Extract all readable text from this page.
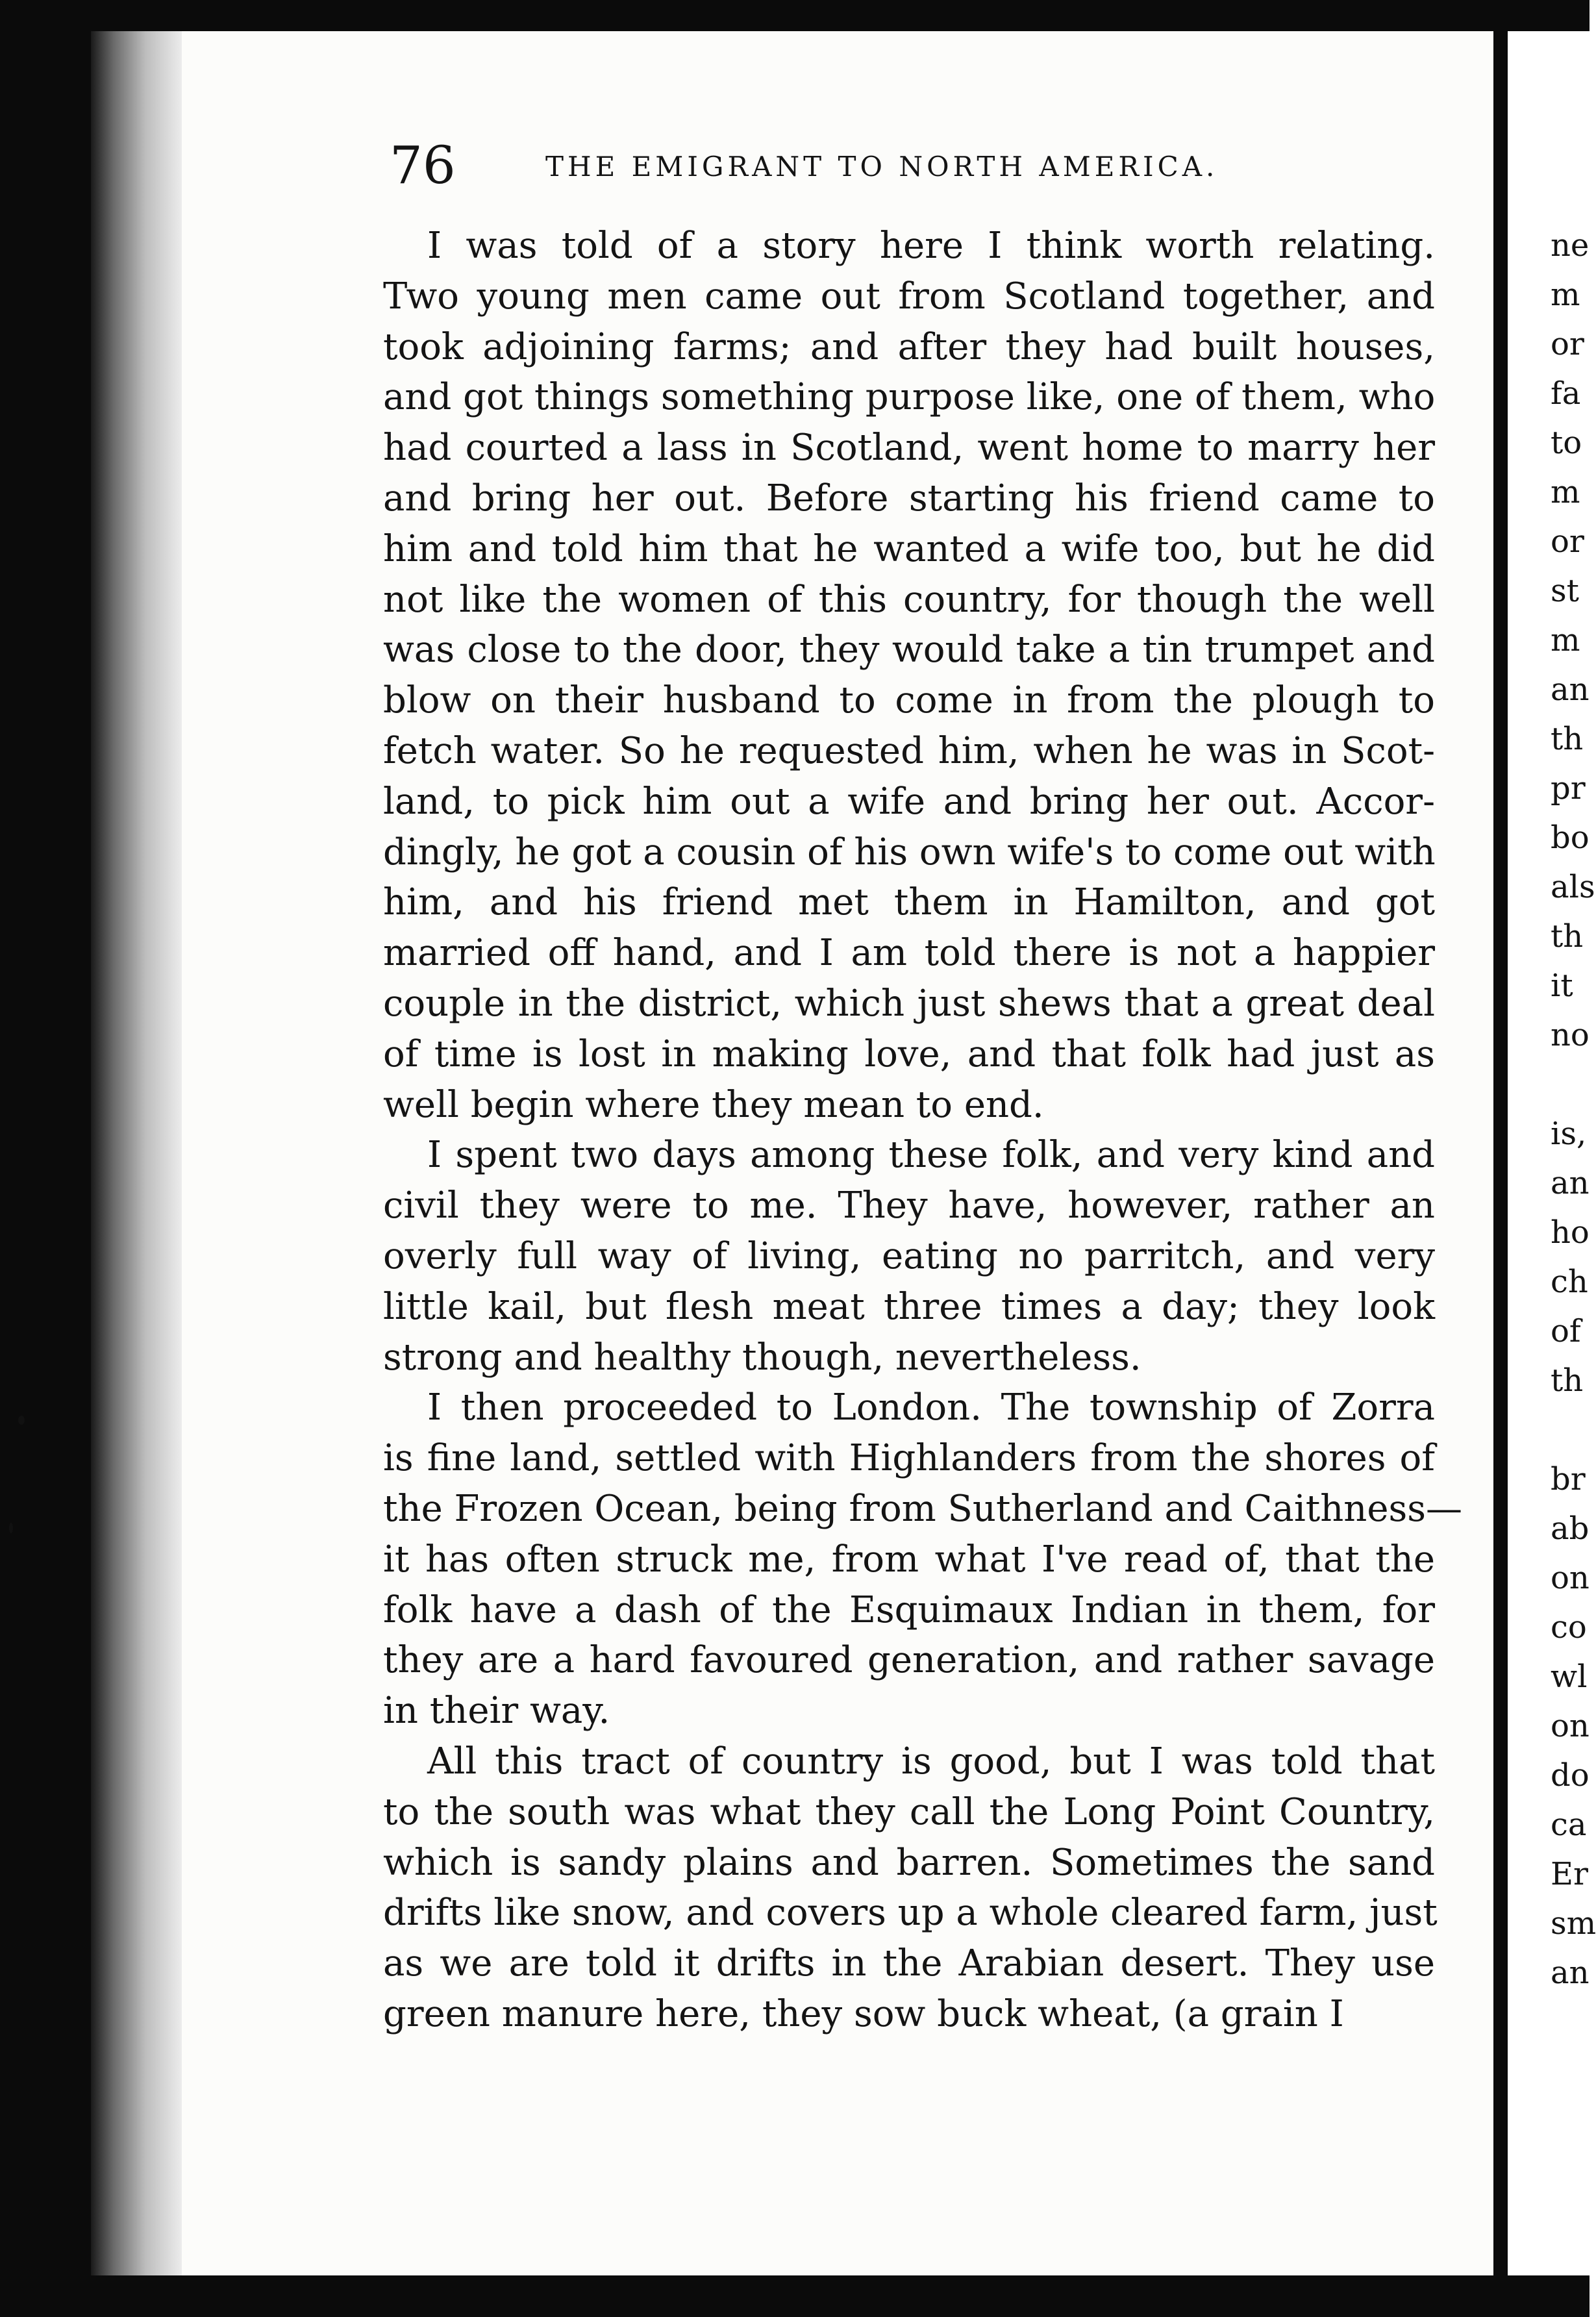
76	THE EMIGRANT TO NORTH AMERICA.
I was told of a story here I think worth relating.
Two young men came out from Scotland together, and
took adjoining farms; and after they had built houses,
and got things something purpose like, one of them, who
had courted a lass in Scotland, went home to marry her
and bring her out. Before starting his friend came to
him and told him that he wanted a wife too, but he did
not like the women of this country, for though the well
was close to the door, they would take a tin trumpet and
blow on their husband to come in from the plough to
fetch water. So he requested him, when he was in Scot-
land, to pick him out a wife and bring her out. Accor-
dingly, he got a cousin of his own wife's to come out with
him, and his friend met them in Hamilton, and got
married off hand, and I am told there is not a happier
couple in the district, which just shews that a great deal
of time is lost in making love, and that folk had just as
well begin where they mean to end.
I spent two days among these folk, and very kind and
civil they were to me. They have, however, rather an
overly full way of living, eating no parritch, and very
little kail, but flesh meat three times a day; they look
strong and healthy though, nevertheless.
I then proceeded to London. The township of Zorra
is fine land, settled with Highlanders from the shores of
the Frozen Ocean, being from Sutherland and Caithness—
it has often struck me, from what I've read of, that the
folk have a dash of the Esquimaux Indian in them, for
they are a hard favoured generation, and rather savage
in their way.
All this tract of country is good, but I was told that
to the south was what they call the Long Point Country,
which is sandy plains and barren. Sometimes the sand
drifts like snow, and covers up a whole cleared farm, just
as we are told it drifts in the Arabian desert. They use
green manure here, they sow buck wheat, (a grain I
ne
m
or
fa
to
m
or
st
m
an
th
pr
bo
als
th
it
no
is,
an
ho
ch
of
th
br
ab
on
co
wl
on
do
ca
Er
sm
an
